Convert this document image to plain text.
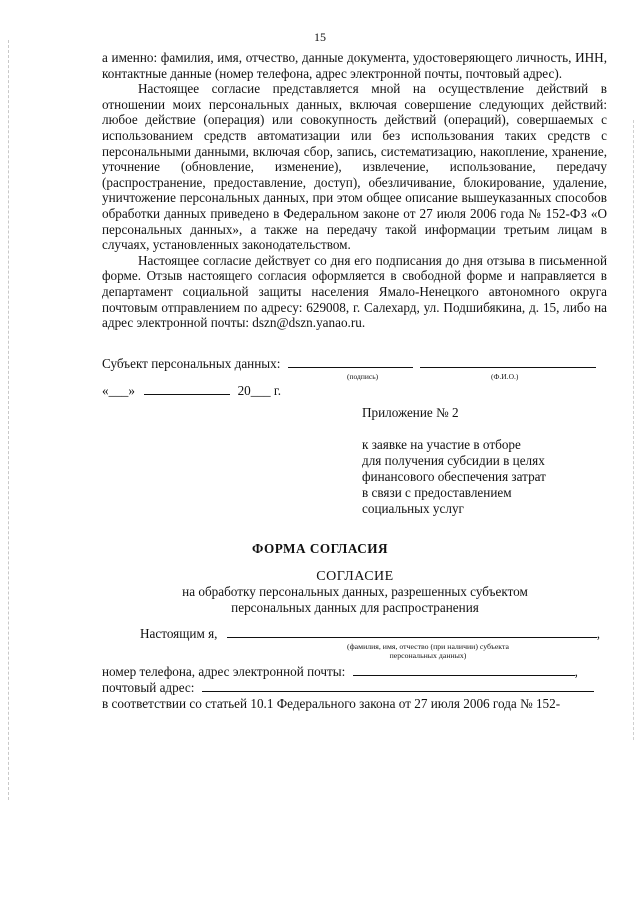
15

а именно: фамилия, имя, отчество, данные документа, удостоверяющего личность, ИНН, контактные данные (номер телефона, адрес электронной почты, почтовый адрес).

Настоящее согласие представляется мной на осуществление действий в отношении моих персональных данных, включая совершение следующих действий: любое действие (операция) или совокупность действий (операций), совершаемых с использованием средств автоматизации или без использования таких средств с персональными данными, включая сбор, запись, систематизацию, накопление, хранение, уточнение (обновление, изменение), извлечение, использование, передачу (распространение, предоставление, доступ), обезличивание, блокирование, удаление, уничтожение персональных данных, при этом общее описание вышеуказанных способов обработки данных приведено в Федеральном законе от 27 июля 2006 года № 152-ФЗ «О персональных данных», а также на передачу такой информации третьим лицам в случаях, установленных законодательством.

Настоящее согласие действует со дня его подписания до дня отзыва в письменной форме. Отзыв настоящего согласия оформляется в свободной форме и направляется в департамент социальной защиты населения Ямало-Ненецкого автономного округа почтовым отправлением по адресу: 629008, г. Салехард, ул. Подшибякина, д. 15, либо на адрес электронной почты: dszn@dszn.yanao.ru.

Субъект персональных данных:
(подпись)	(Ф.И.О.)
«___»	20___ г.
Приложение № 2
к заявке на участие в отборе
для получения субсидии в целях
финансового обеспечения затрат
в связи с предоставлением
социальных услуг
ФОРМА СОГЛАСИЯ
СОГЛАСИЕ
на обработку персональных данных, разрешенных субъектом
персональных данных для распространения
Настоящим я,	,
(фамилия, имя, отчество (при наличии) субъекта
персональных данных)
номер телефона, адрес электронной почты:	,
почтовый адрес:
в соответствии со статьей 10.1 Федерального закона от 27 июля 2006 года № 152-
